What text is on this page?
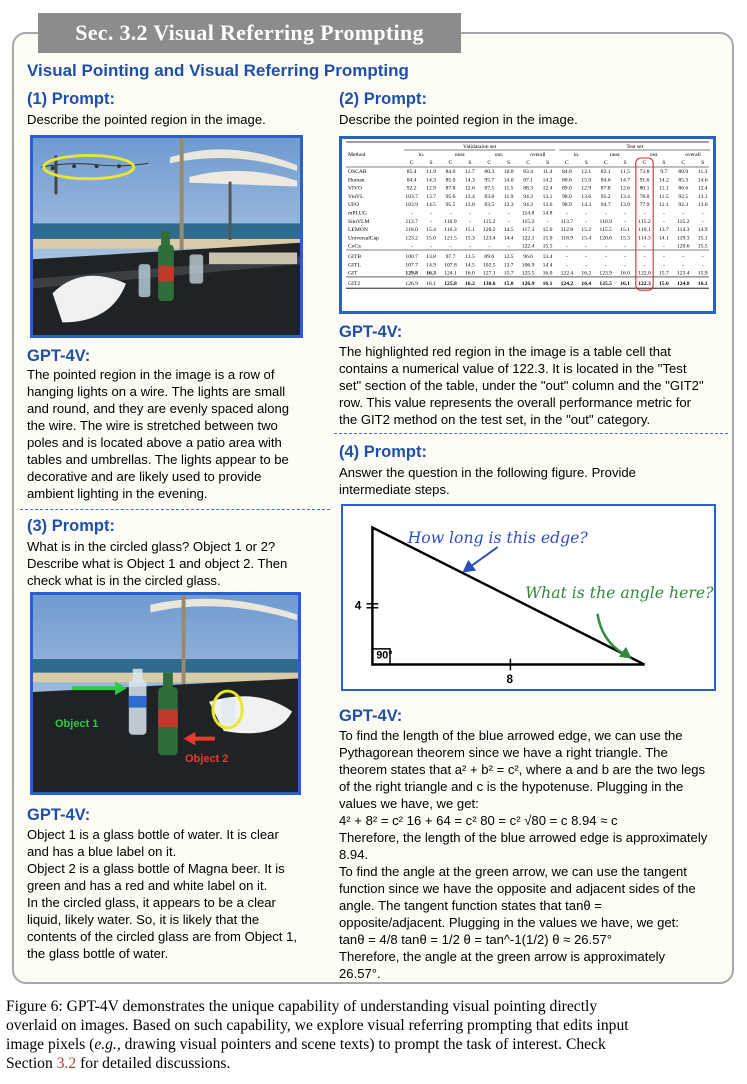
Sec. 3.2 Visual Referring Prompting
Visual Pointing and Visual Referring Prompting
(1) Prompt:
Describe the pointed region in the image.
GPT-4V:
The pointed region in the image is a row of
hanging lights on a wire. The lights are small
and round, and they are evenly spaced along
the wire. The wire is stretched between two
poles and is located above a patio area with
tables and umbrellas. The lights appear to be
decorative and are likely used to provide
ambient lighting in the evening.
(3) Prompt:
What is in the circled glass? Object 1 or 2?
Describe what is Object 1 and object 2. Then
check what is in the circled glass.
Object 1
Object 2
GPT-4V:
Object 1 is a glass bottle of water. It is clear
and has a blue label on it.
Object 2 is a glass bottle of Magna beer. It is
green and has a red and white label on it.
In the circled glass, it appears to be a clear
liquid, likely water. So, it is likely that the
contents of the circled glass are from Object 1,
the glass bottle of water.
(2) Prompt:
Describe the pointed region in the image.
Validataion set	Test set
Method	in.	near.	out.	overall	in.	near.	out.	overall
C	S	C	S	C	S	C	S	C	S	C	S	C	S	C	S
OSCAR	85.4 11.9 84.0 11.7 80.3 10.0 83.4 11.4 84.8 12.1 82.1 11.5 73.8 9.7 80.9 11.3
Human	84.4 14.3 85.0 14.3 95.7 14.0 87.1 14.2 80.6 15.0 84.6 14.7 91.6 14.2 85.3 14.6
VIVO	92.2 12.9 87.8 12.6 87.5 11.5 88.3 12.4 89.0 12.9 87.8 12.6 80.1 11.1 86.6 12.4
VinVL	103.7 13.7 95.6 13.4 83.8 11.9 94.3 13.1 98.0 13.6 95.2 13.4 78.0 11.5 92.5 13.1
UFO	103.9 14.5 95.5 13.8 83.5 12.3 94.3 13.6 98.9 14.3 94.7 13.9 77.9 12.1 92.3 13.6
mPLUG	-	-	-	-	-	- 114.8 14.8 -	-	-	-	-	-	-	-
SimVLM	113.7 - 110.9 - 115.2 - 115.2 - 113.7 - 110.9 - 115.2 - 115.2 -
LEMON	118.0 15.4 116.3 15.1 120.2 14.5 117.3 15.0 112.8 15.2 115.5 15.1 110.1 13.7 114.3 14.9
UniversalCap	123.2 15.0 121.5 15.3 123.4 14.4 122.1 15.0 118.9 15.4 120.6 15.3 114.3 14.1 119.3 15.1
CoCa	-	-	-	-	-	- 122.4 15.5 -	-	-	-	-	- 120.6 15.5
GITB	100.7 13.8 97.7 13.5 89.6 12.5 96.6 13.4 -	-	-	-	-	-	-	-
GITL	107.7 14.9 107.8 14.5 102.5 13.7 106.9 14.4 -	-	-	-	-	-	-	-
GIT	129.8 16.3 124.1 16.0 127.1 15.7 125.5 16.0 122.4 16.2 123.9 16.0 122.0 15.7 123.4 15.9
GIT2	126.9 16.1 125.8 16.2 130.6 15.8 126.9 16.1 124.2 16.4 125.5 16.1 122.3 15.6 124.8 16.1
GPT-4V:
The highlighted red region in the image is a table cell that
contains a numerical value of 122.3. It is located in the "Test
set" section of the table, under the "out" column and the "GIT2"
row. This value represents the overall performance metric for
the GIT2 method on the test set, in the "out" category.
(4) Prompt:
Answer the question in the following figure. Provide
intermediate steps.
4
8
90°
How long is this edge?
What is the angle here?
GPT-4V:
To find the length of the blue arrowed edge, we can use the
Pythagorean theorem since we have a right triangle. The
theorem states that a² + b² = c², where a and b are the two legs
of the right triangle and c is the hypotenuse. Plugging in the
values we have, we get:
4² + 8² = c² 16 + 64 = c² 80 = c² √80 = c 8.94 ≈ c
Therefore, the length of the blue arrowed edge is approximately
8.94.
To find the angle at the green arrow, we can use the tangent
function since we have the opposite and adjacent sides of the
angle. The tangent function states that tanθ =
opposite/adjacent. Plugging in the values we have, we get:
tanθ = 4/8 tanθ = 1/2 θ = tan^-1(1/2) θ ≈ 26.57°
Therefore, the angle at the green arrow is approximately
26.57°.
Figure 6: GPT-4V demonstrates the unique capability of understanding visual pointing directly
overlaid on images. Based on such capability, we explore visual referring prompting that edits input
image pixels (e.g., drawing visual pointers and scene texts) to prompt the task of interest. Check
Section 3.2 for detailed discussions.
